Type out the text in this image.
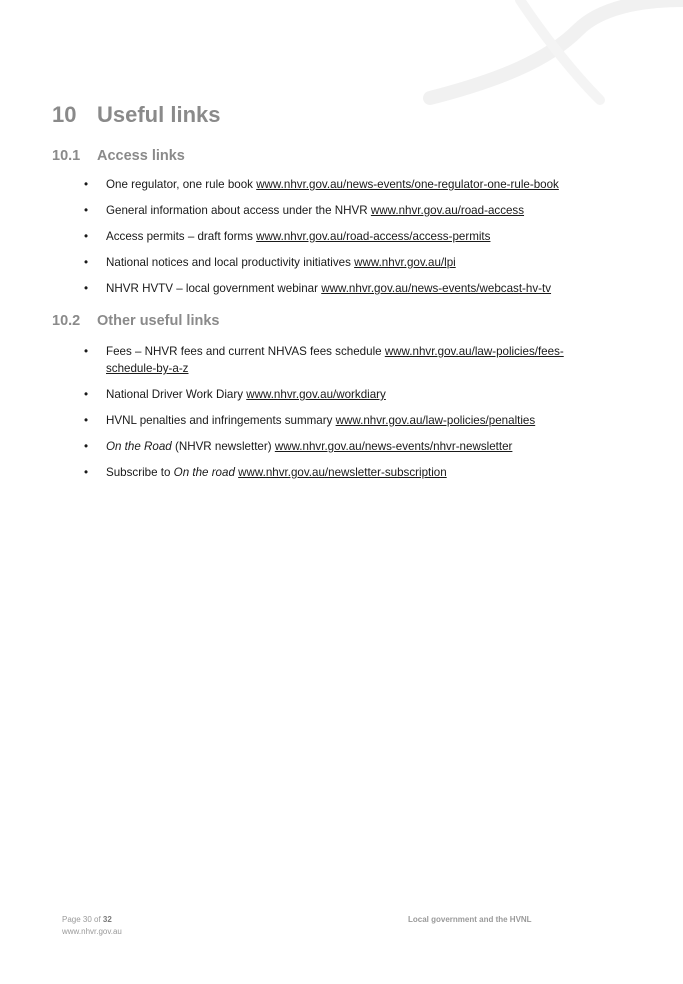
10 Useful links
10.1 Access links
• One regulator, one rule book www.nhvr.gov.au/news-events/one-regulator-one-rule-book
• General information about access under the NHVR www.nhvr.gov.au/road-access
• Access permits – draft forms www.nhvr.gov.au/road-access/access-permits
• National notices and local productivity initiatives www.nhvr.gov.au/lpi
• NHVR HVTV – local government webinar www.nhvr.gov.au/news-events/webcast-hv-tv
10.2 Other useful links
• Fees – NHVR fees and current NHVAS fees schedule www.nhvr.gov.au/law-policies/fees-schedule-by-a-z
• National Driver Work Diary www.nhvr.gov.au/workdiary
• HVNL penalties and infringements summary www.nhvr.gov.au/law-policies/penalties
• On the Road (NHVR newsletter) www.nhvr.gov.au/news-events/nhvr-newsletter
• Subscribe to On the road www.nhvr.gov.au/newsletter-subscription
Page 30 of 32
www.nhvr.gov.au
Local government and the HVNL
